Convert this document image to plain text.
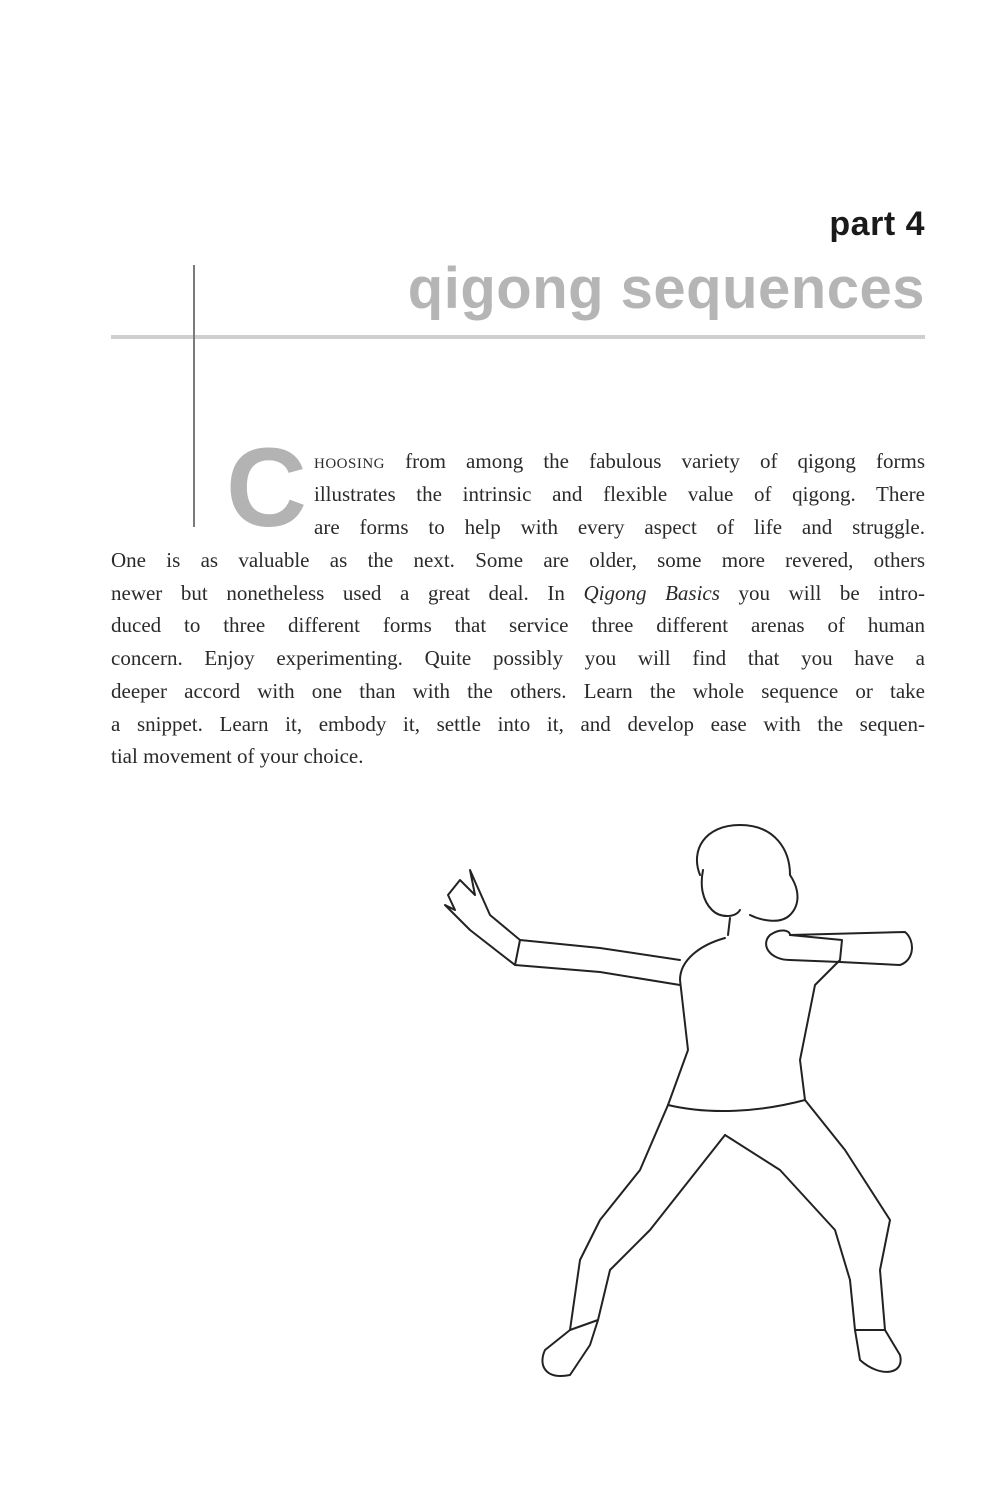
part 4
qigong sequences
C hoosing from among the fabulous variety of qigong forms
illustrates the intrinsic and flexible value of qigong. There
are forms to help with every aspect of life and struggle.
One is as valuable as the next. Some are older, some more revered, others
newer but nonetheless used a great deal. In Qigong Basics you will be intro-
duced to three different forms that service three different arenas of human
concern. Enjoy experimenting. Quite possibly you will find that you have a
deeper accord with one than with the others. Learn the whole sequence or take
a snippet. Learn it, embody it, settle into it, and develop ease with the sequen-
tial movement of your choice.
